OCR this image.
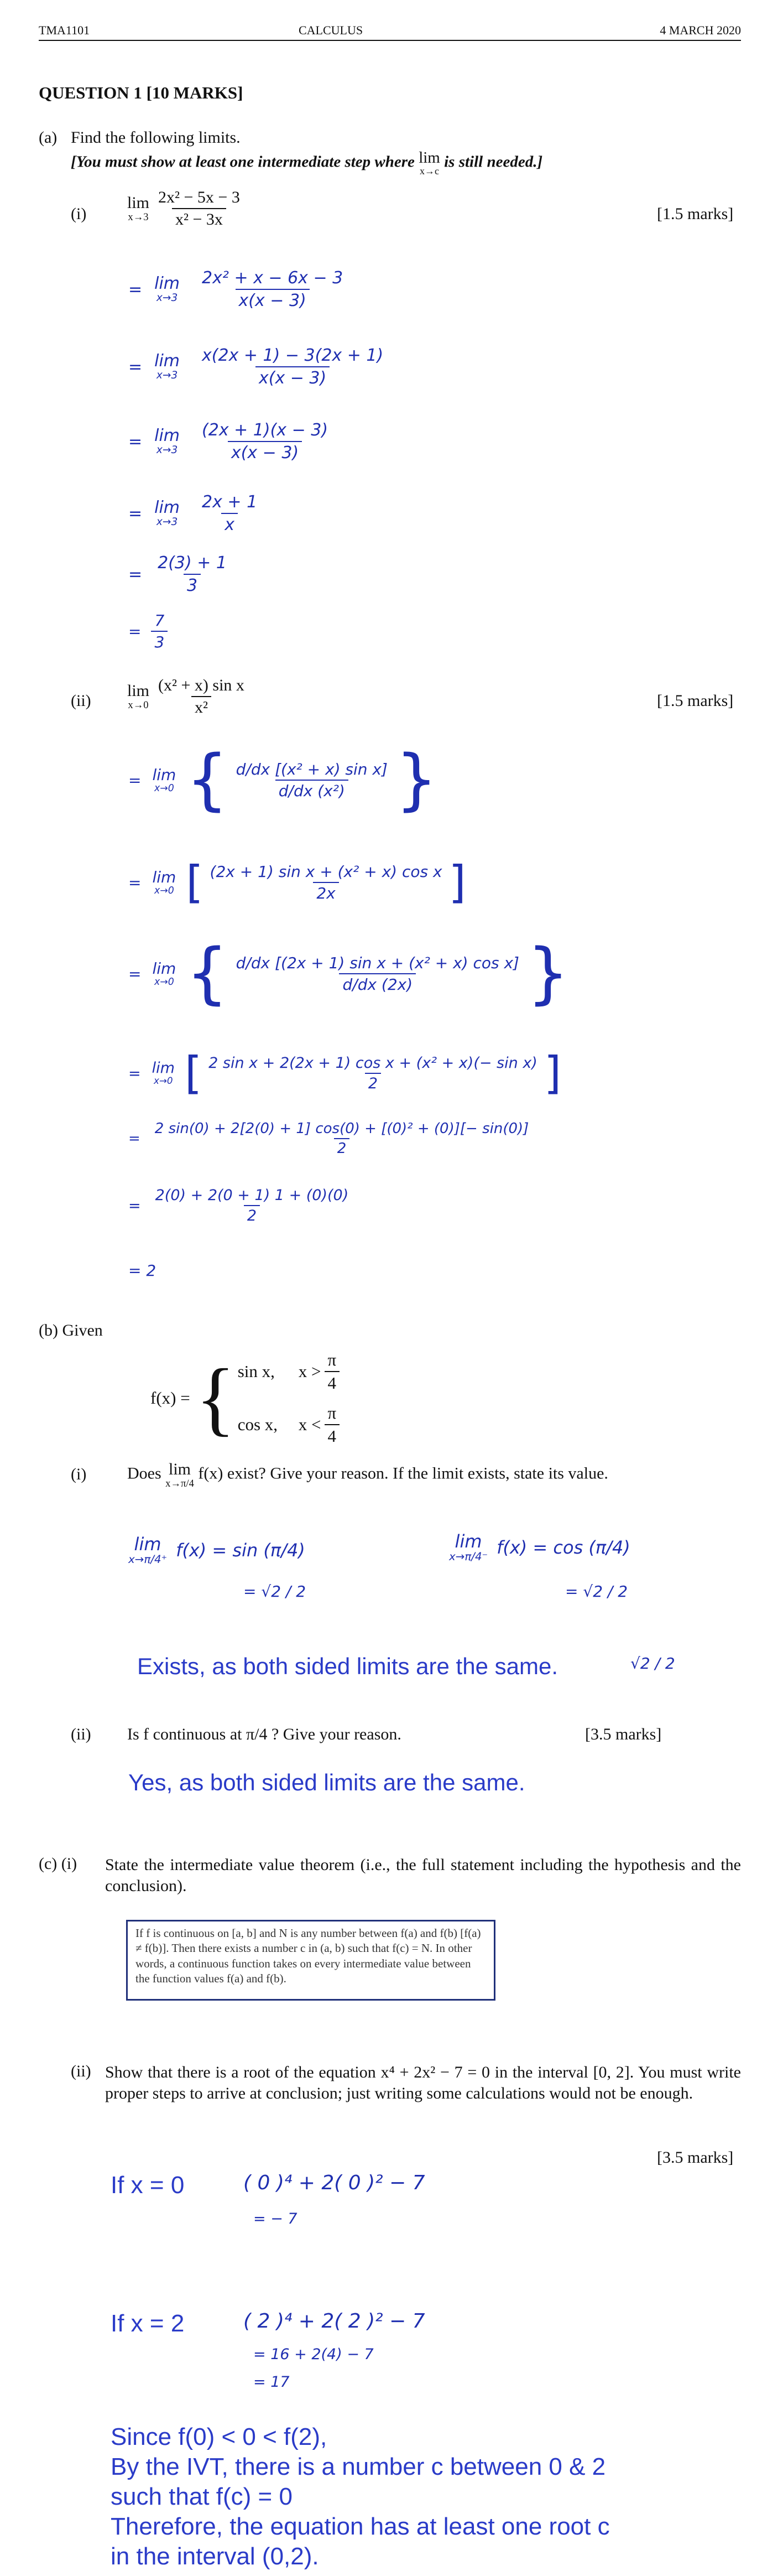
TMA1101	CALCULUS	4 MARCH 2020
QUESTION 1 [10 MARKS]
(a) Find the following limits.
[You must show at least one intermediate step where lim
x→c
is still needed.]
(i)
lim
$x\to 3 \frac{\text{2x² − 5x − 3}}{\text{x² − 3x}}$	[1.5 marks]
= lim
$x\to 3 \frac{\text{2x² + x − 6x − 3}}{x(x - 3)}$
= lim
$x\to 3 \frac{x(2x + 1) - 3(2x + 1)}{x(x - 3)}$
= lim
$x\to 3 \frac{(2x + 1)(x - 3)}{x(x - 3)}$
= lim
$x\to 3 \frac{2x + 1}{x}$
= $\frac{2(3) + 1}{3}$
= $\frac{7}{3}$
(ii)
lim
$x\to 0 \frac{\text{(x² + x) sin x}}{\text{x²}}$	[1.5 marks]
= lim
x→0 { $\frac{\text{d/dx [(x² + x) sin x]}}{\text{d/dx (x²)}}$ }
= lim
x→0 [ $\frac{\text{(2x + 1) sin x + (x² + x) cos x}}{2x}$ ]
= lim
x→0 { $\frac{\text{d/dx [(2x + 1) sin x + (x² + x) cos x]}}{d/dx (2x)}$ }
= lim
x→0 [ $\frac{\text{2 sin x + 2(2x + 1) cos x + (x² + x)(− sin x)}}{2}$ ]
= $\frac{\text{2 sin(0) + 2[2(0) + 1] cos(0) + [(0)² + (0)][− sin(0)]}}{2}$
= $\frac{2(0) + 2(0 + 1) 1 + (0)(0)}{2}$
= 2
(b) Given
f(x) = { sin x,	$x > \frac{\pi}{4}$
cos x,	$x < \frac{\pi}{4}$
(i) Does lim
x→π/4
f(x) exist? Give your reason. If the limit exists, state its value.
lim
x→π/4⁺ f(x) = sin (π/4)
= √2 / 2
lim
x→π/4⁻ f(x) = cos (π/4)
= √2 / 2
Exists, as both sided limits are the same.	√2 / 2
(ii) Is f continuous at π/4 ? Give your reason.	[3.5 marks]
Yes, as both sided limits are the same.
(c) (i) State the intermediate value theorem (i.e., the full statement including the hypothesis and the conclusion).
If f is continuous on [a, b] and N is any number between f(a) and f(b) [f(a) ≠ f(b)]. Then there exists a number c in (a, b) such that f(c) = N. In other words, a continuous function takes on every intermediate value between the function values f(a) and f(b).
(ii) Show that there is a root of the equation x⁴ + 2x² − 7 = 0 in the interval [0, 2]. You must write proper steps to arrive at conclusion; just writing some calculations would not be enough.
[3.5 marks]
If x = 0	( 0 )⁴ + 2( 0 )² − 7
= − 7
If x = 2	( 2 )⁴ + 2( 2 )² − 7
= 16 + 2(4) − 7
= 17
Since f(0) < 0 < f(2),
By the IVT, there is a number c between 0 & 2
such that f(c) = 0
Therefore, the equation has at least one root c
in the interval (0,2).
